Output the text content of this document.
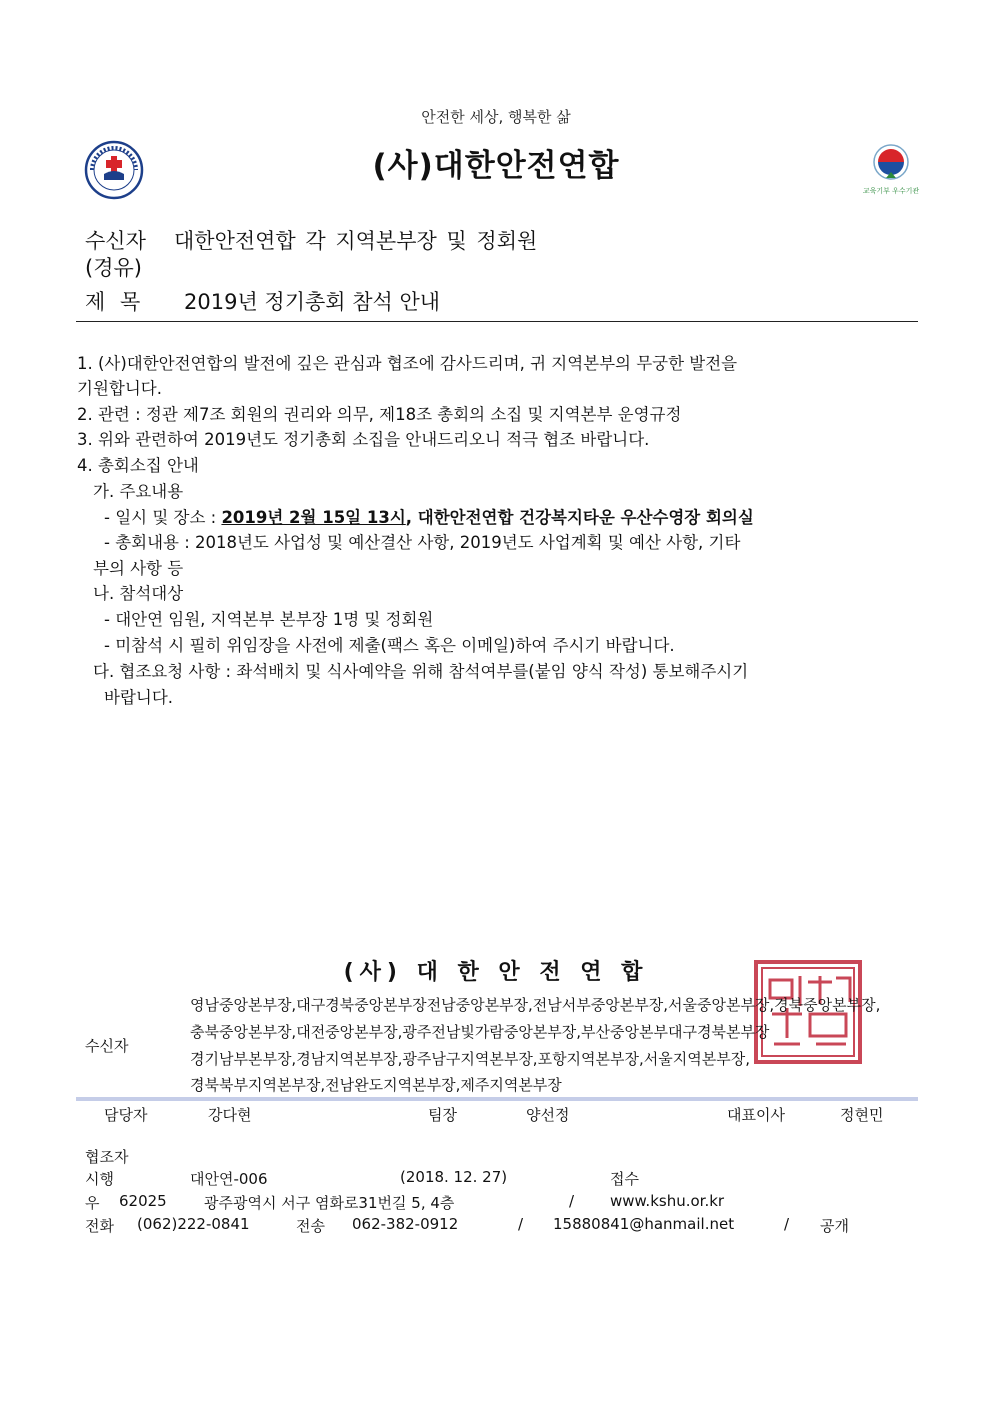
안전한 세상, 행복한 삶
(사)대한안전연합
교육기부 우수기관
수신자 대한안전연합 각 지역본부장 및 정회원
(경유)
제 목 2019년 정기총회 참석 안내
1. (사)대한안전연합의 발전에 깊은 관심과 협조에 감사드리며, 귀 지역본부의 무궁한 발전을
기원합니다.
2. 관련 : 정관 제7조 회원의 권리와 의무, 제18조 총회의 소집 및 지역본부 운영규정
3. 위와 관련하여 2019년도 정기총회 소집을 안내드리오니 적극 협조 바랍니다.
4. 총회소집 안내
가. 주요내용
- 일시 및 장소 : 2019년 2월 15일 13시, 대한안전연합 건강복지타운 우산수영장 회의실
- 총회내용 : 2018년도 사업성 및 예산결산 사항, 2019년도 사업계획 및 예산 사항, 기타
부의 사항 등
나. 참석대상
- 대안연 임원, 지역본부 본부장 1명 및 정회원
- 미참석 시 필히 위임장을 사전에 제출(팩스 혹은 이메일)하여 주시기 바랍니다.
다. 협조요청 사항 : 좌석배치 및 식사예약을 위해 참석여부를(붙임 양식 작성) 통보해주시기
바랍니다.
(사) 대 한 안 전 연 합
수신자
영남중앙본부장,대구경북중앙본부장전남중앙본부장,전남서부중앙본부장,서울중앙본부장,경북중앙본부장,
충북중앙본부장,대전중앙본부장,광주전남빛가람중앙본부장,부산중앙본부대구경북본부장
경기남부본부장,경남지역본부장,광주남구지역본부장,포항지역본부장,서울지역본부장,
경북북부지역본부장,전남완도지역본부장,제주지역본부장
담당자	강다현	팀장	양선정	대표이사	정현민
협조자
시행	대안연-006	(2018. 12. 27)	접수
우 62025 광주광역시 서구 염화로31번길 5, 4층	/ www.kshu.or.kr
전화 (062)222-0841	전송 062-382-0912	/ 15880841@hanmail.net	/ 공개
